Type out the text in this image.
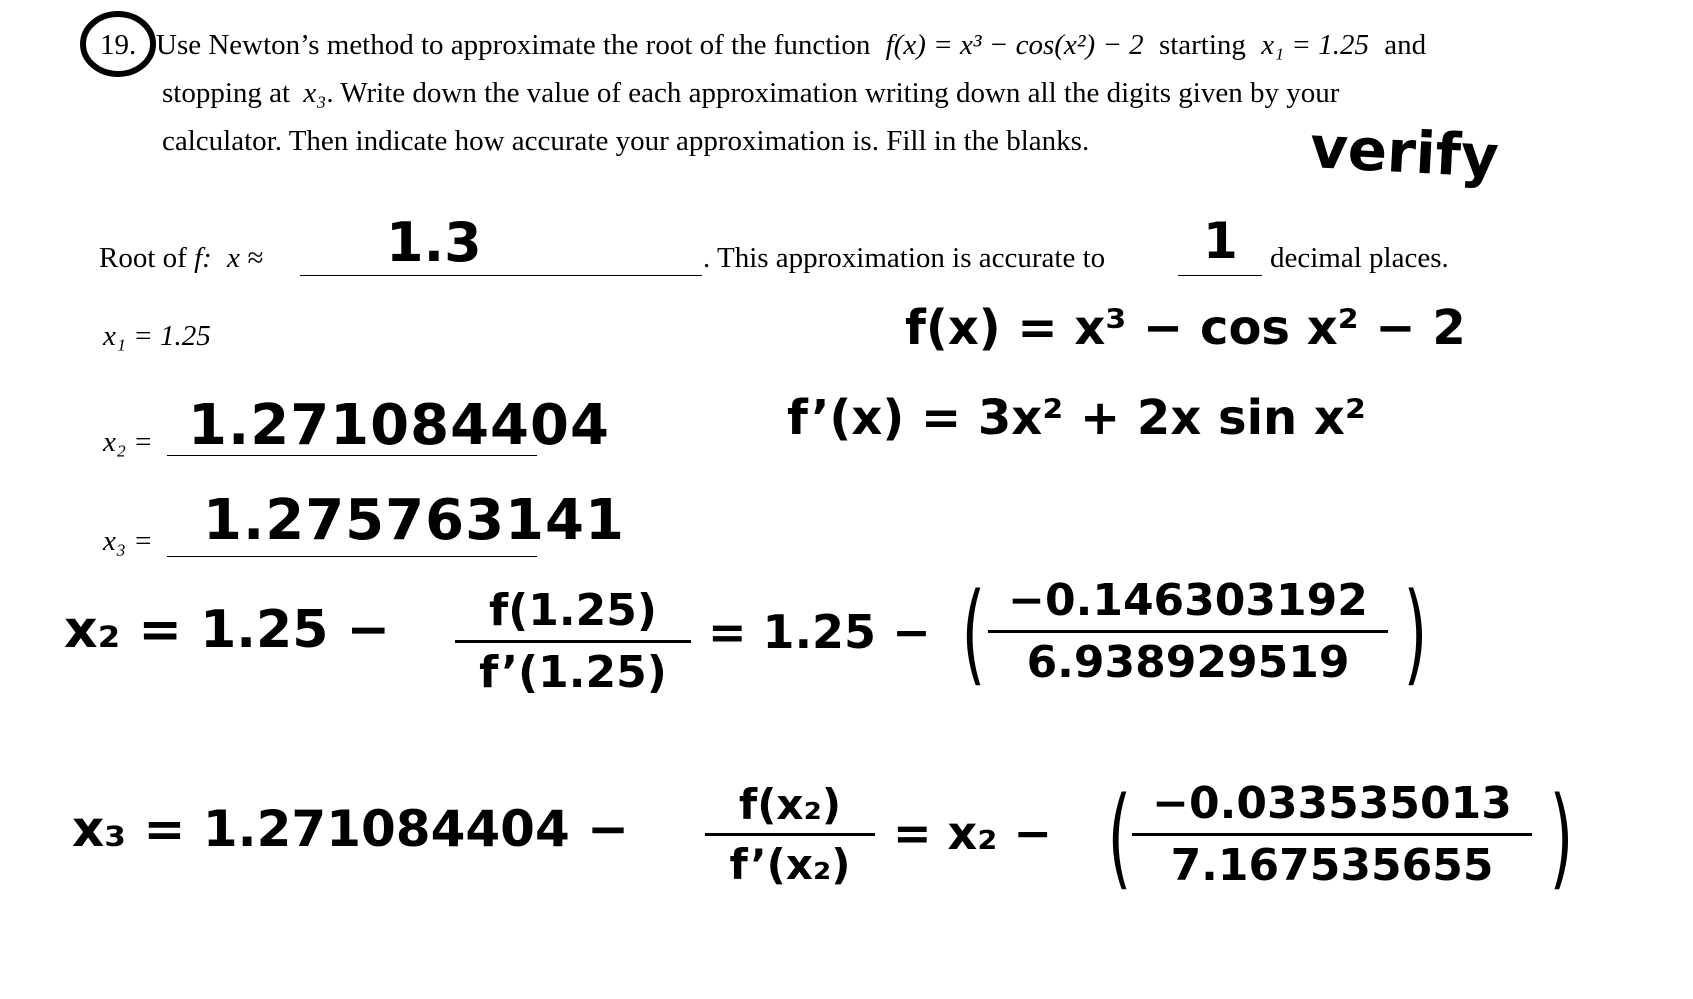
19. Use Newton’s method to approximate the root of the function f(x) = x³ − cos(x²) − 2 starting x₁ = 1.25 and
stopping at x₃. Write down the value of each approximation writing down all the digits given by your
calculator. Then indicate how accurate your approximation is. Fill in the blanks.	verify
Root of f: x ≈ 1.3	. This approximation is accurate to 1 decimal places.
x₁ = 1.25
x₂ = 1.271084404
x₃ = 1.275763141
f(x) = x³ − cos x² − 2
f’(x) = 3x² + 2x sin x²
x₂ = 1.25 −	f(1.25)
f’(1.25)
= 1.25 − ( −0.146303192
6.938929519 )
x₃ = 1.271084404 −	f(x₂)
f’(x₂)
= x₂ − ( −0.033535013
7.167535655 )
